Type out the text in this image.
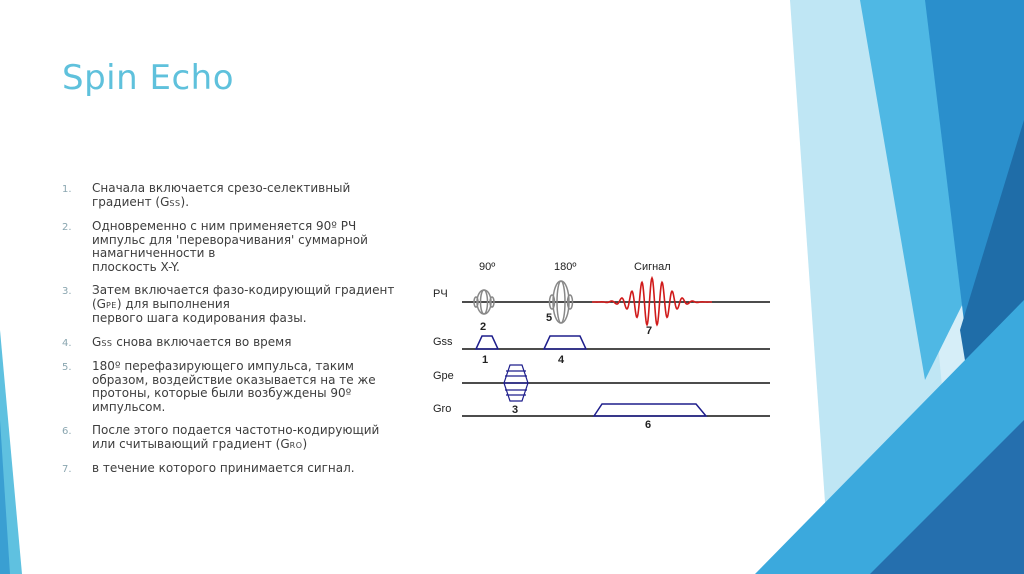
Spin Echo
1.	Сначала включается срезо-селективный
градиент (GSS).
2.	Одновременно с ним применяется 90º РЧ
импульс для 'переворачивания' суммарной
намагниченности в
плоскость X-Y.
3.	Затем включается фазо-кодирующий градиент
(GPE) для выполнения
первого шага кодирования фазы.
4.	GSS снова включается во время
5.	180º перефазирующего импульса, таким
образом, воздействие оказывается на те же
протоны, которые были возбуждены 90º
импульсом.
6.	После этого подается частотно-кодирующий
или считывающий градиент (GRO)
7.	в течение которого принимается сигнал.
90º	180º	Сигнал
РЧ
Gss
Gpe
Gro
2
5
7
1	4
3
6
